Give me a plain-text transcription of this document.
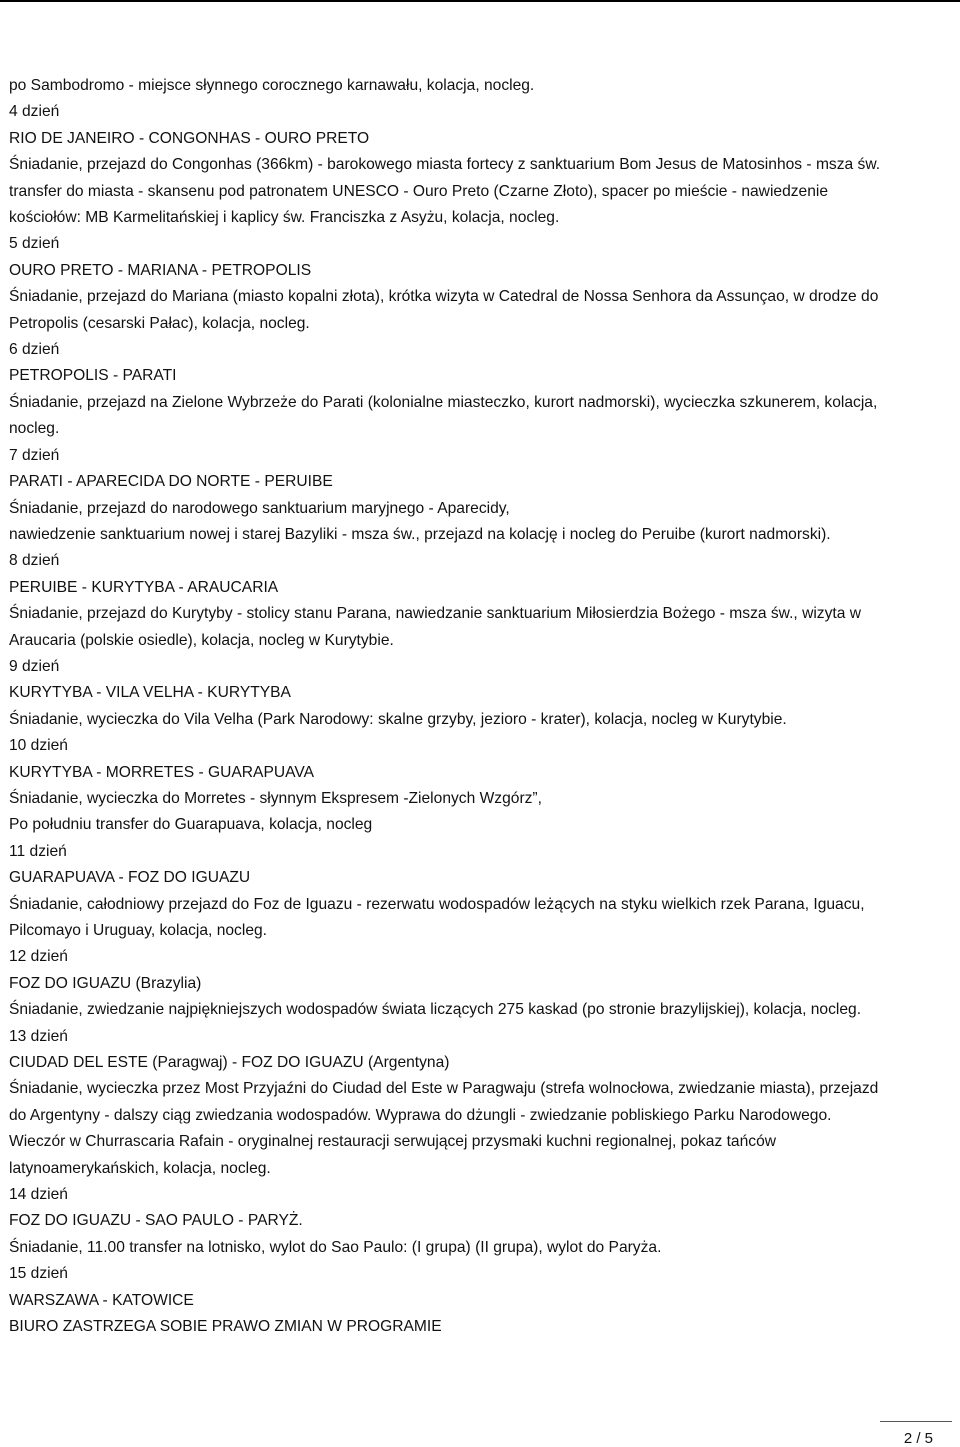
po Sambodromo - miejsce słynnego corocznego karnawału, kolacja, nocleg.

4 dzień

RIO DE JANEIRO - CONGONHAS - OURO PRETO

Śniadanie, przejazd do Congonhas (366km) - barokowego miasta fortecy z sanktuarium Bom Jesus de Matosinhos - msza św.

transfer do miasta - skansenu pod patronatem UNESCO - Ouro Preto (Czarne Złoto), spacer po mieście - nawiedzenie

kościołów: MB Karmelitańskiej i kaplicy św. Franciszka z Asyżu, kolacja, nocleg.

5 dzień

OURO PRETO - MARIANA - PETROPOLIS

Śniadanie, przejazd do Mariana (miasto kopalni złota), krótka wizyta w Catedral de Nossa Senhora da Assunçao, w drodze do

Petropolis (cesarski Pałac), kolacja, nocleg.

6 dzień

PETROPOLIS - PARATI

Śniadanie, przejazd na Zielone Wybrzeże do Parati (kolonialne miasteczko, kurort nadmorski), wycieczka szkunerem, kolacja,

nocleg.

7 dzień

PARATI - APARECIDA DO NORTE - PERUIBE

Śniadanie, przejazd do narodowego sanktuarium maryjnego - Aparecidy,

nawiedzenie sanktuarium nowej i starej Bazyliki - msza św., przejazd na kolację i nocleg do Peruibe (kurort nadmorski).

8 dzień

PERUIBE - KURYTYBA - ARAUCARIA

Śniadanie, przejazd do Kurytyby - stolicy stanu Parana, nawiedzanie sanktuarium Miłosierdzia Bożego - msza św., wizyta w

Araucaria (polskie osiedle), kolacja, nocleg w Kurytybie.

9 dzień

KURYTYBA - VILA VELHA - KURYTYBA

Śniadanie, wycieczka do Vila Velha (Park Narodowy: skalne grzyby, jezioro - krater), kolacja, nocleg w Kurytybie.

10 dzień

KURYTYBA - MORRETES - GUARAPUAVA

Śniadanie, wycieczka do Morretes - słynnym Ekspresem -Zielonych Wzgórz”,

Po południu transfer do Guarapuava, kolacja, nocleg

11 dzień

GUARAPUAVA - FOZ DO IGUAZU

Śniadanie, całodniowy przejazd do Foz de Iguazu - rezerwatu wodospadów leżących na styku wielkich rzek Parana, Iguacu,

Pilcomayo i Uruguay, kolacja, nocleg.

12 dzień

FOZ DO IGUAZU (Brazylia)

Śniadanie, zwiedzanie najpiękniejszych wodospadów świata liczących 275 kaskad (po stronie brazylijskiej), kolacja, nocleg.

13 dzień

CIUDAD DEL ESTE (Paragwaj) - FOZ DO IGUAZU (Argentyna)

Śniadanie, wycieczka przez Most Przyjaźni do Ciudad del Este w Paragwaju (strefa wolnocłowa, zwiedzanie miasta), przejazd

do Argentyny - dalszy ciąg zwiedzania wodospadów. Wyprawa do dżungli - zwiedzanie pobliskiego Parku Narodowego.

Wieczór w Churrascaria Rafain - oryginalnej restauracji serwującej przysmaki kuchni regionalnej, pokaz tańców

latynoamerykańskich, kolacja, nocleg.

14 dzień

FOZ DO IGUAZU - SAO PAULO - PARYŻ.

Śniadanie, 11.00 transfer na lotnisko, wylot do Sao Paulo: (I grupa) (II grupa), wylot do Paryża.

15 dzień

WARSZAWA - KATOWICE

BIURO ZASTRZEGA SOBIE PRAWO ZMIAN W PROGRAMIE

2 / 5
